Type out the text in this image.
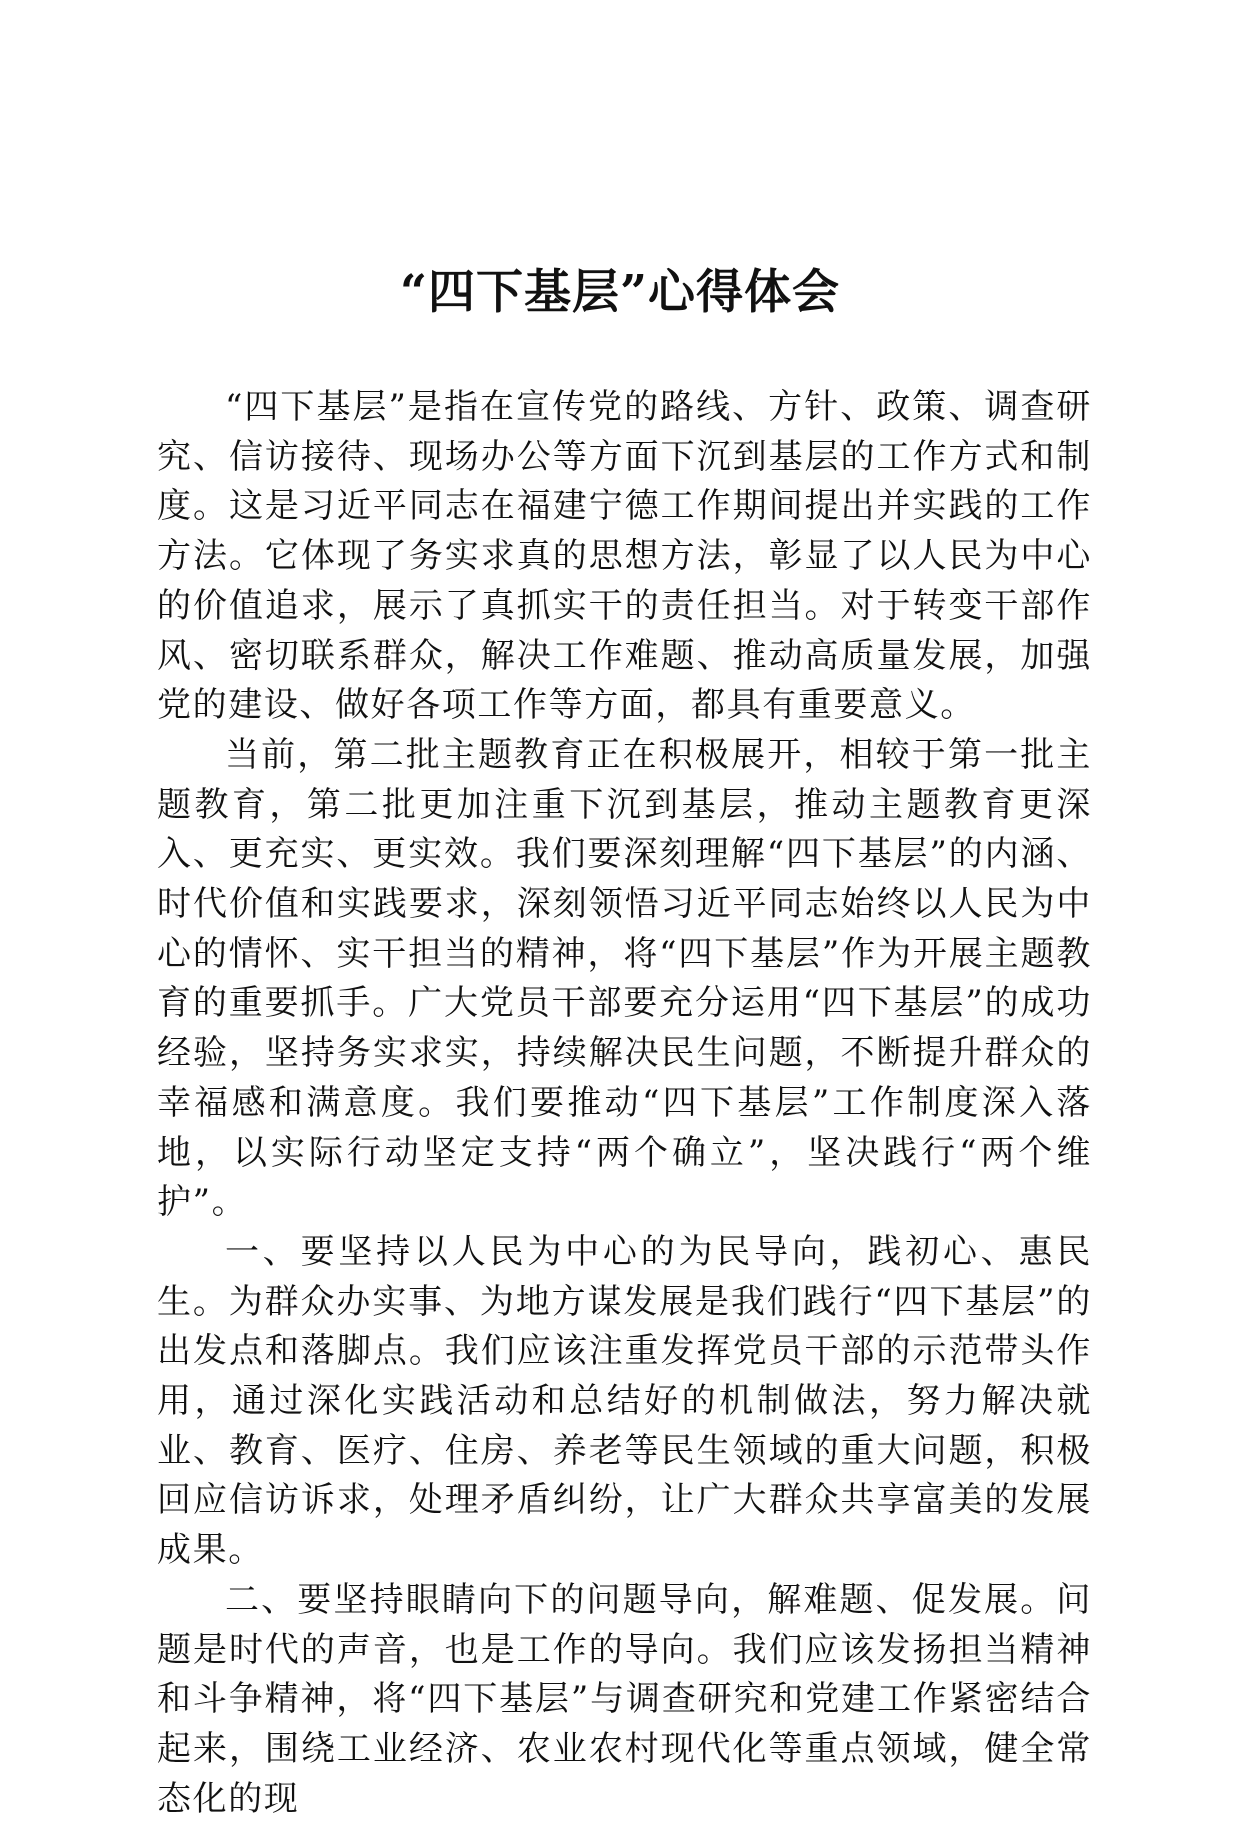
“四下基层”心得体会

“四下基层”是指在宣传党的路线、方针、政策、调查研究、信访接待、现场办公等方面下沉到基层的工作方式和制度。这是习近平同志在福建宁德工作期间提出并实践的工作方法。它体现了务实求真的思想方法，彰显了以人民为中心的价值追求，展示了真抓实干的责任担当。对于转变干部作风、密切联系群众，解决工作难题、推动高质量发展，加强党的建设、做好各项工作等方面，都具有重要意义。

当前，第二批主题教育正在积极展开，相较于第一批主题教育，第二批更加注重下沉到基层，推动主题教育更深入、更充实、更实效。我们要深刻理解“四下基层”的内涵、时代价值和实践要求，深刻领悟习近平同志始终以人民为中心的情怀、实干担当的精神，将“四下基层”作为开展主题教育的重要抓手。广大党员干部要充分运用“四下基层”的成功经验，坚持务实求实，持续解决民生问题，不断提升群众的幸福感和满意度。我们要推动“四下基层”工作制度深入落地，以实际行动坚定支持“两个确立”，坚决践行“两个维护”。

一、要坚持以人民为中心的为民导向，践初心、惠民生。为群众办实事、为地方谋发展是我们践行“四下基层”的出发点和落脚点。我们应该注重发挥党员干部的示范带头作用，通过深化实践活动和总结好的机制做法，努力解决就业、教育、医疗、住房、养老等民生领域的重大问题，积极回应信访诉求，处理矛盾纠纷，让广大群众共享富美的发展成果。

二、要坚持眼睛向下的问题导向，解难题、促发展。问题是时代的声音，也是工作的导向。我们应该发扬担当精神和斗争精神，将“四下基层”与调查研究和党建工作紧密结合起来，围绕工业经济、农业农村现代化等重点领域，健全常态化的现
